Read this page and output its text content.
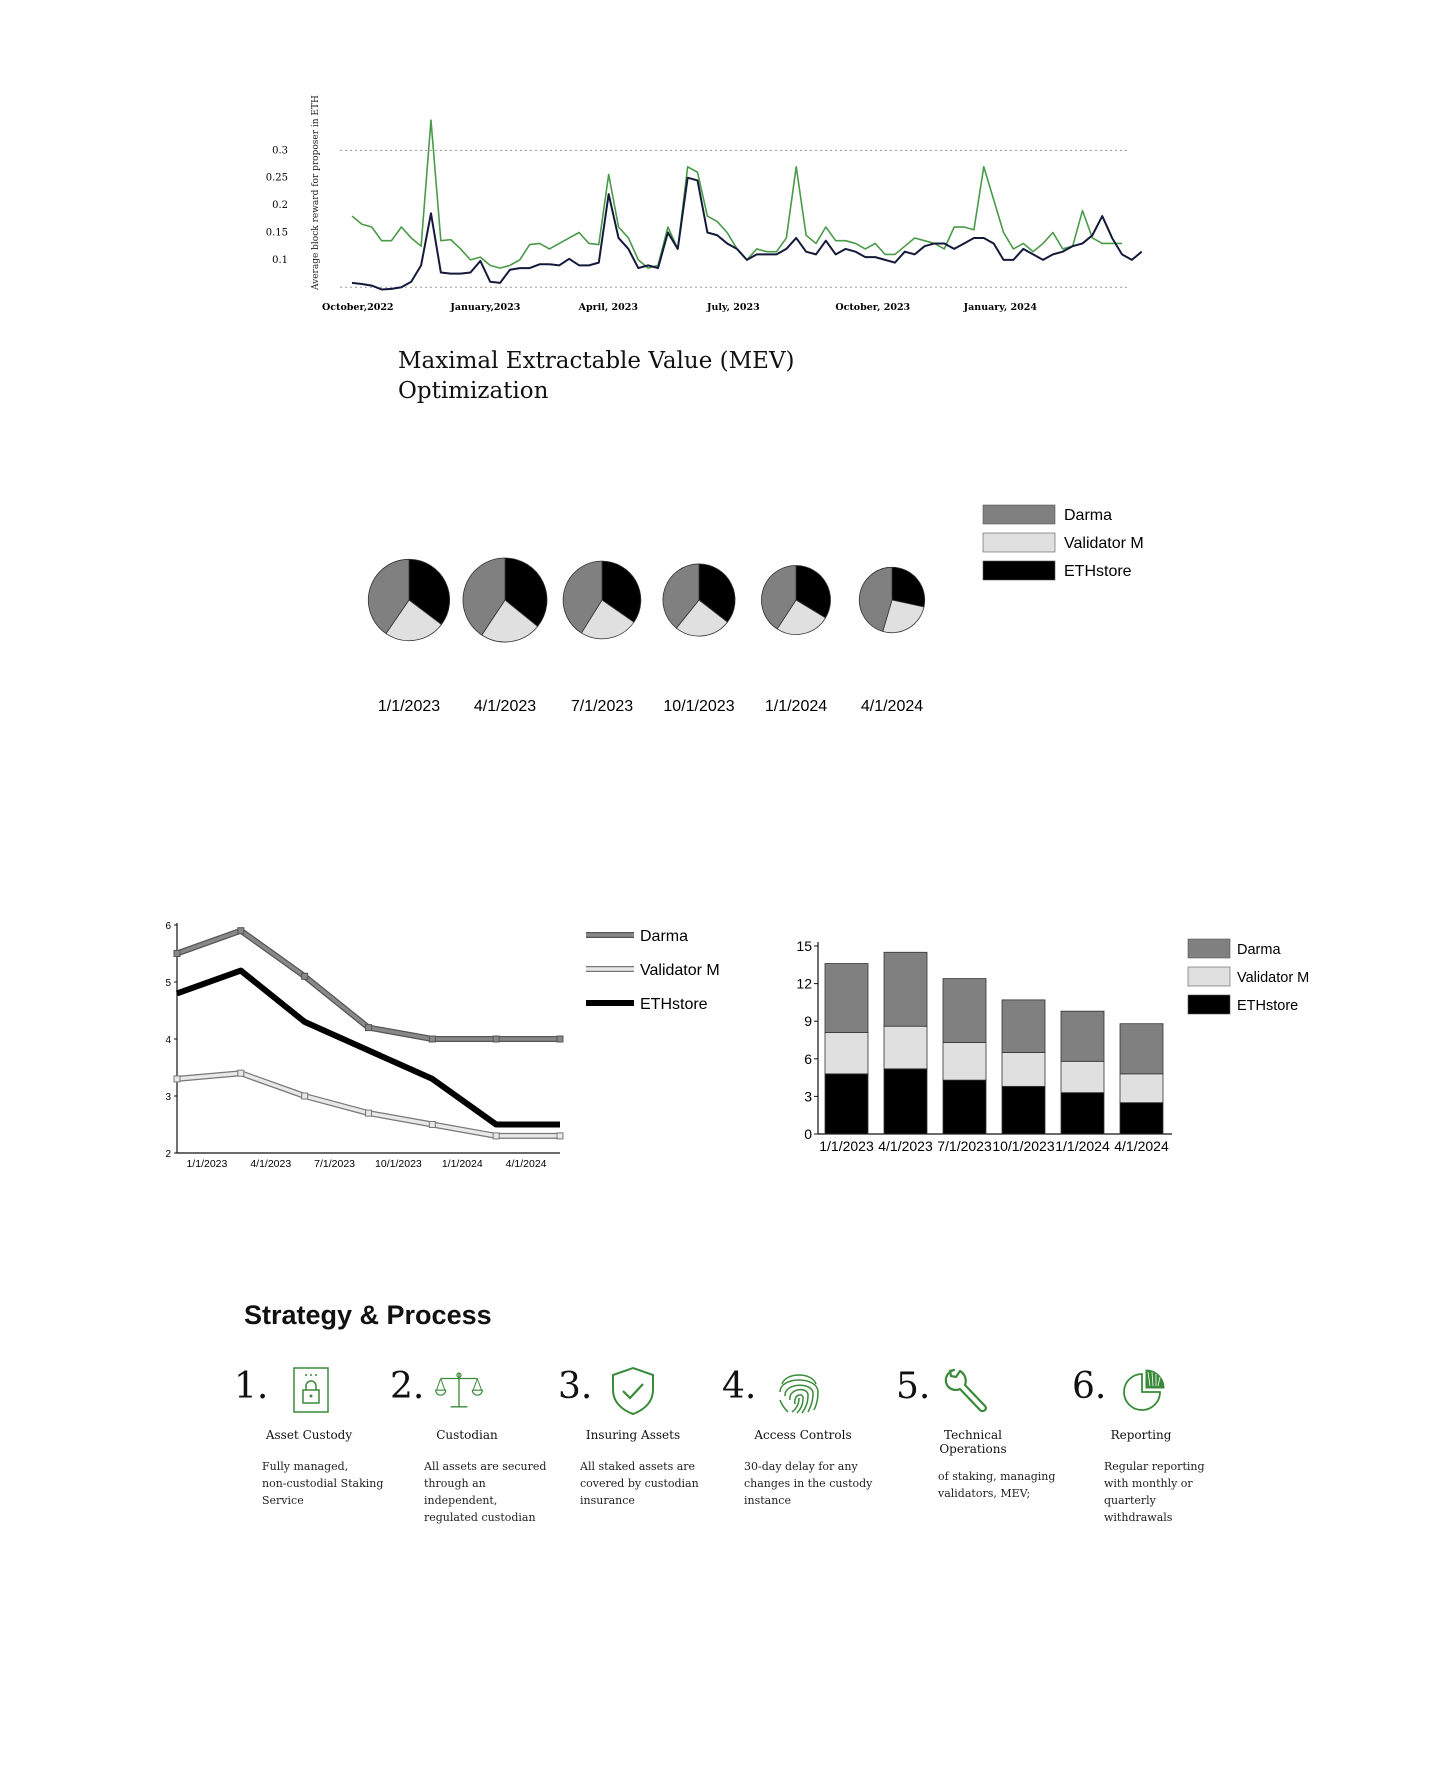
Average block reward for proposer in ETH
0.3
0.25
0.2
0.15
0.1
October,2022	January,2023	April, 2023	July, 2023	October, 2023	January, 2024
Maximal Extractable Value (MEV)
Optimization
Darma
Validator M
ETHstore
1/1/2023 4/1/2023 7/1/2023 10/1/2023 1/1/2024 4/1/2024
6
5
4
3
2
1/1/2023 4/1/2023 7/1/2023 10/1/2023 1/1/2024 4/1/2024
Darma
Validator M
ETHstore
15
12
9
6
3
0
1/1/2023 4/1/2023 7/1/2023 10/1/2023 1/1/2024 4/1/2024
Darma
Validator M
ETHstore
Strategy & Process
1.
Asset Custody
Fully managed,
non-custodial Staking
Service
2.
Custodian
All assets are secured
through an independent,
regulated custodian
3.
Insuring Assets
All staked assets are
covered by custodian
insurance
4.
Access Controls
30-day delay for any
changes in the custody
instance
5.
Technical
Operations
of staking, managing
validators, MEV;
6.
Reporting
Regular reporting
with monthly or
quarterly
withdrawals
